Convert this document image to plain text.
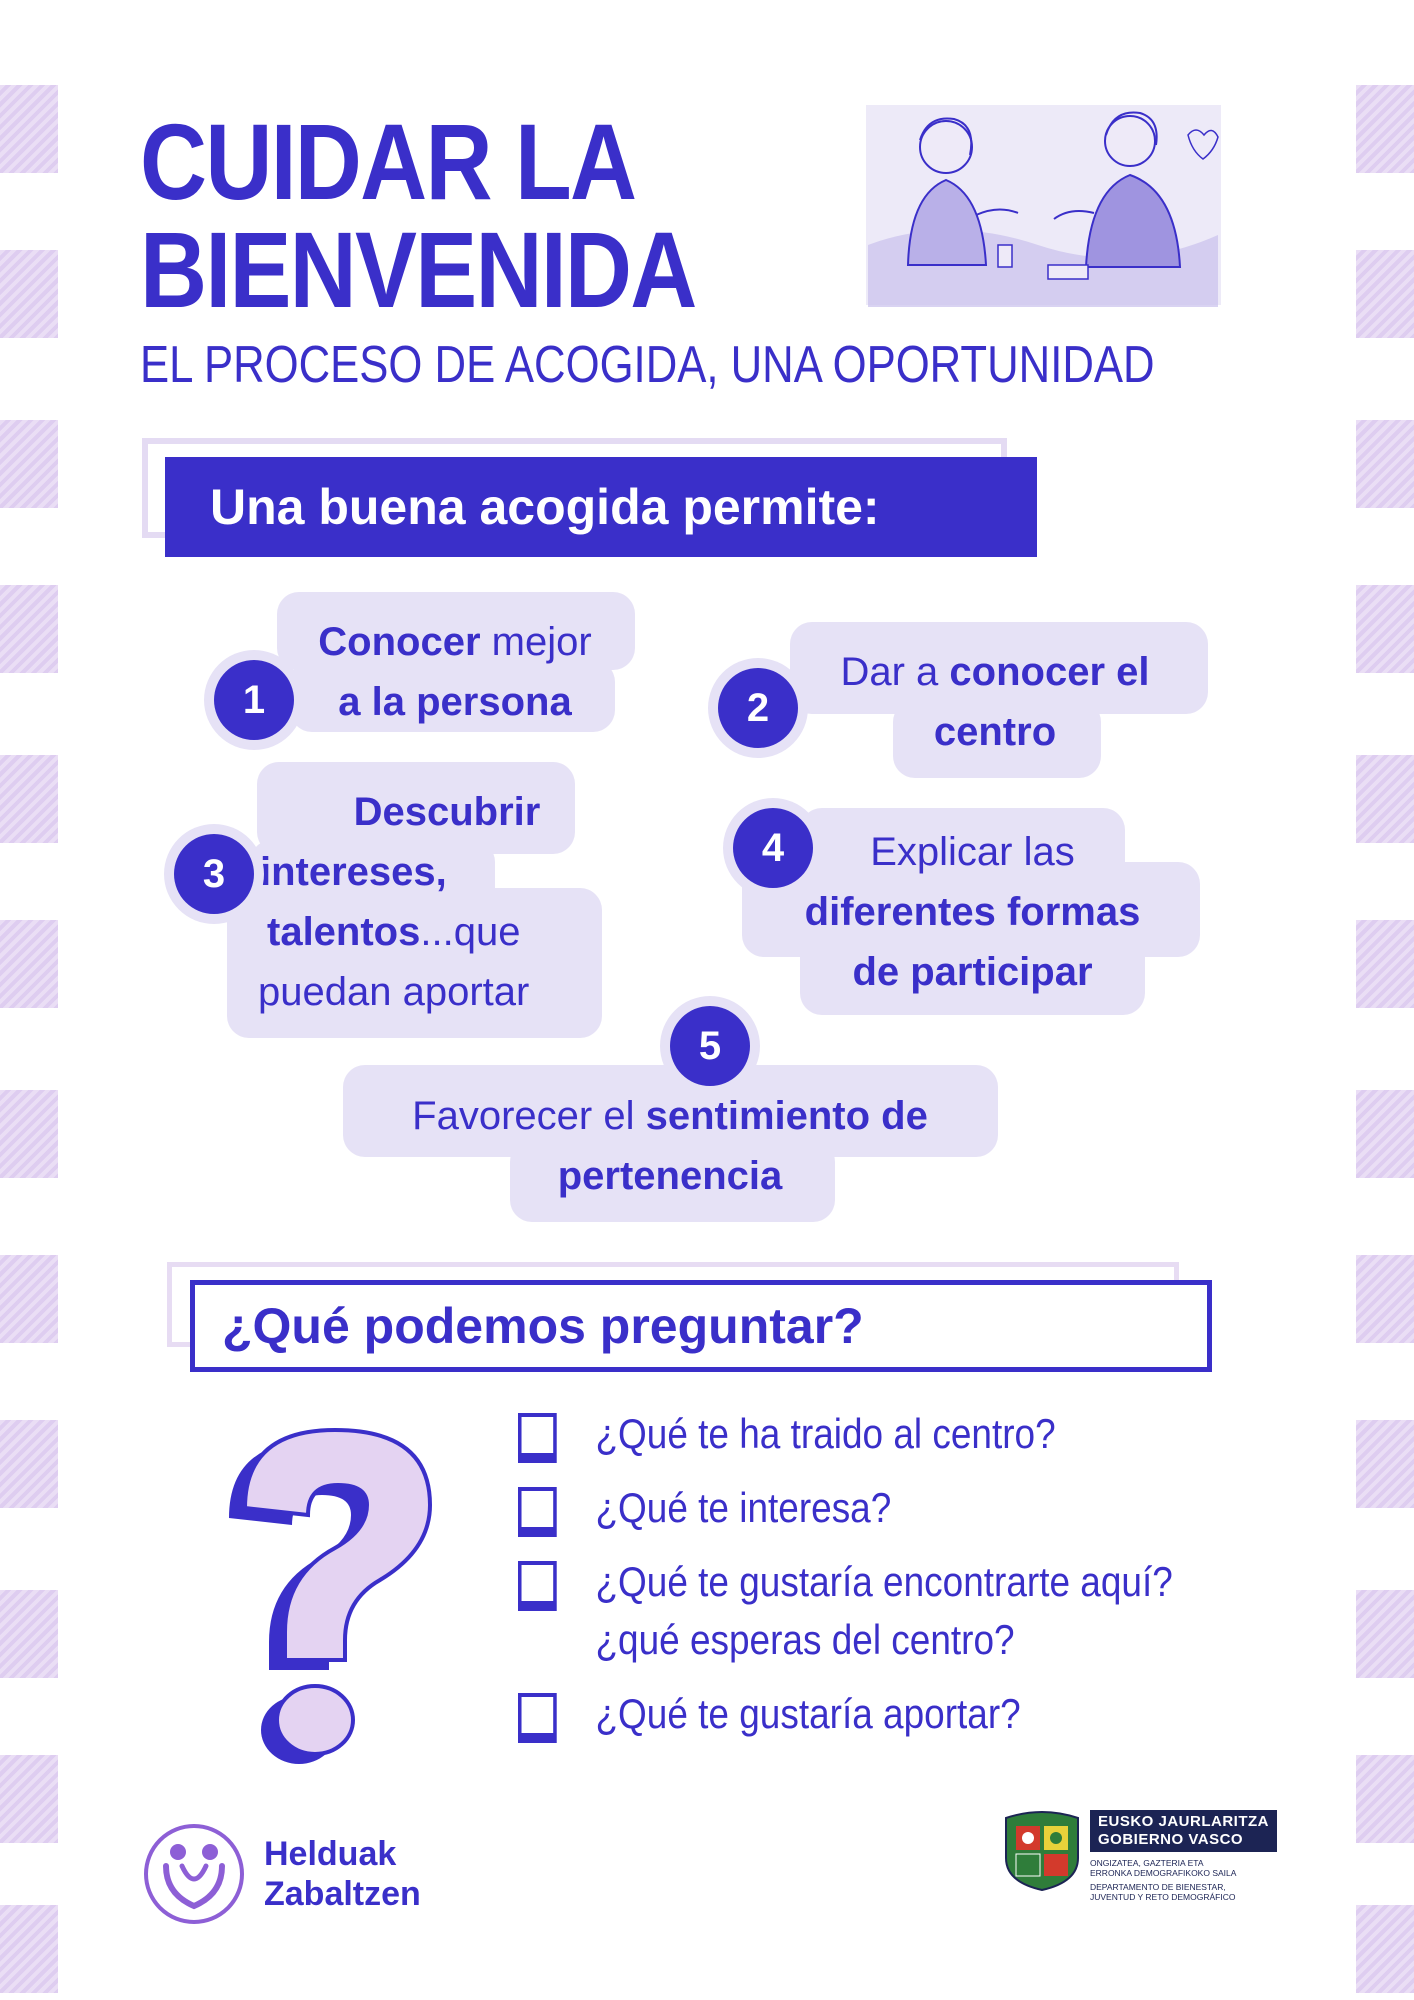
CUIDAR LA
BIENVENIDA

EL PROCESO DE ACOGIDA, UNA OPORTUNIDAD

Una buena acogida permite:
Conocer mejor
a la persona
1
Dar a conocer el
centro
2
Descubrir
intereses,
talentos...que
puedan aportar
3	Explicar las
diferentes formas
de participar
4
Favorecer el sentimiento de
pertenencia
5
¿Qué podemos preguntar?
¿Qué te ha traido al centro?
¿Qué te interesa?
¿Qué te gustaría encontrarte aquí?
¿qué esperas del centro?
¿Qué te gustaría aportar?
Helduak
Zabaltzen
EUSKO JAURLARITZA
GOBIERNO VASCO
ONGIZATEA, GAZTERIA ETA
ERRONKA DEMOGRAFIKOKO SAILA
DEPARTAMENTO DE BIENESTAR,
JUVENTUD Y RETO DEMOGRÁFICO
